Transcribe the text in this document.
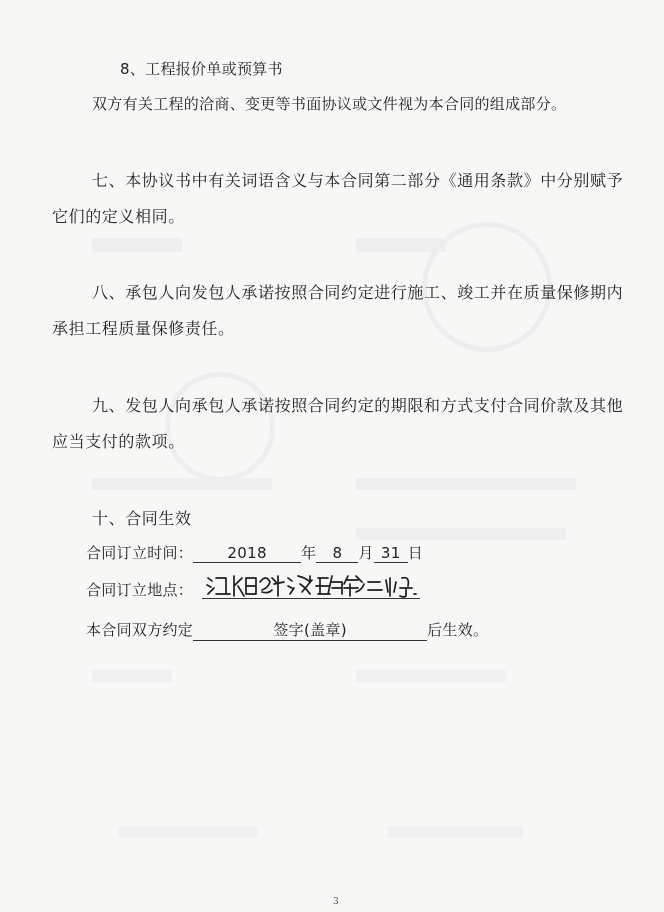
8、工程报价单或预算书
双方有关工程的洽商、变更等书面协议或文件视为本合同的组成部分。
七、本协议书中有关词语含义与本合同第二部分《通用条款》中分别赋予
它们的定义相同。
八、承包人向发包人承诺按照合同约定进行施工、竣工并在质量保修期内
承担工程质量保修责任。
九、发包人向承包人承诺按照合同约定的期限和方式支付合同价款及其他
应当支付的款项。
十、合同生效
合同订立时间： 2018 年 8 月 31 日
合同订立地点：
本合同双方约定	签字(盖章)	后生效。
3
